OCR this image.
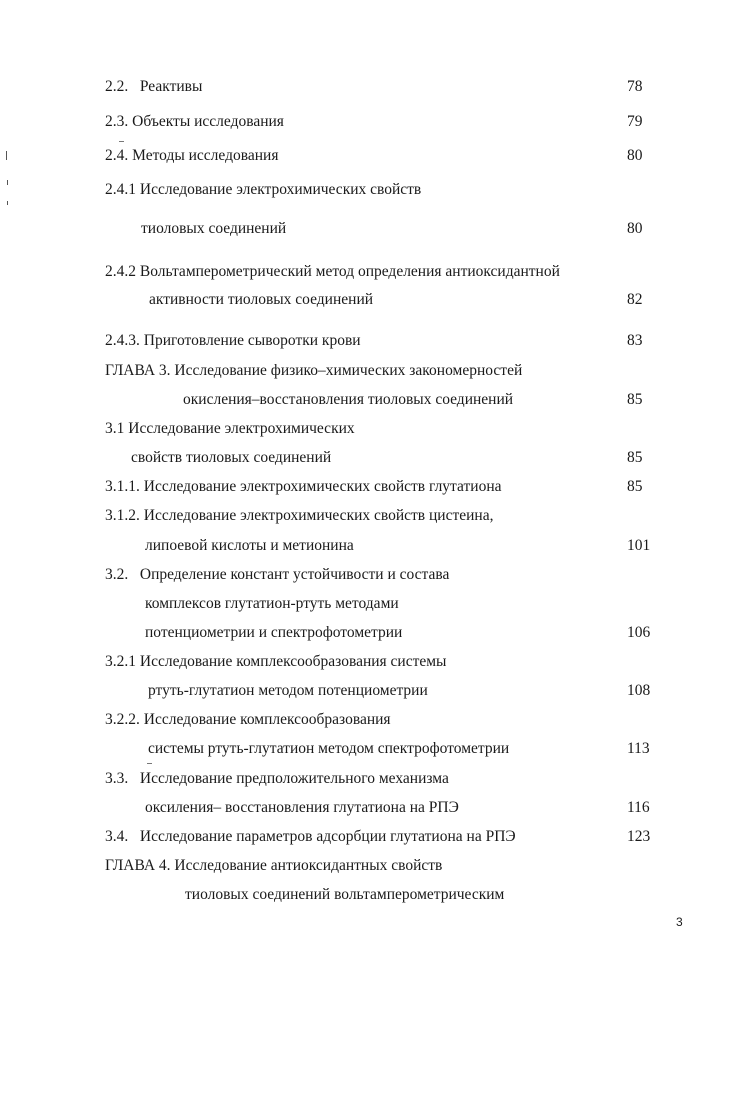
2.2.   Реактивы	78
2.3. Объекты исследования	79
2.4. Методы исследования	80
2.4.1 Исследование электрохимических свойств
тиоловых соединений	80
2.4.2 Вольтамперометрический метод определения антиоксидантной
активности тиоловых соединений	82
2.4.3. Приготовление сыворотки крови	83
ГЛАВА 3. Исследование физико–химических закономерностей
окисления–восстановления тиоловых соединений	85
3.1 Исследование электрохимических
свойств тиоловых соединений	85
3.1.1. Исследование электрохимических свойств глутатиона	85
3.1.2. Исследование электрохимических свойств цистеина,
липоевой кислоты и метионина	101
3.2.   Определение констант устойчивости и состава
комплексов глутатион-ртуть методами
потенциометрии и спектрофотометрии	106
3.2.1 Исследование комплексообразования системы
ртуть-глутатион методом потенциометрии	108
3.2.2. Исследование комплексообразования
системы ртуть-глутатион методом спектрофотометрии	113
3.3.   Исследование предположительного механизма
оксиления– восстановления глутатиона на РПЭ	116
3.4.   Исследование параметров адсорбции глутатиона на РПЭ	123
ГЛАВА 4. Исследование антиоксидантных свойств
тиоловых соединений вольтамперометрическим
3
